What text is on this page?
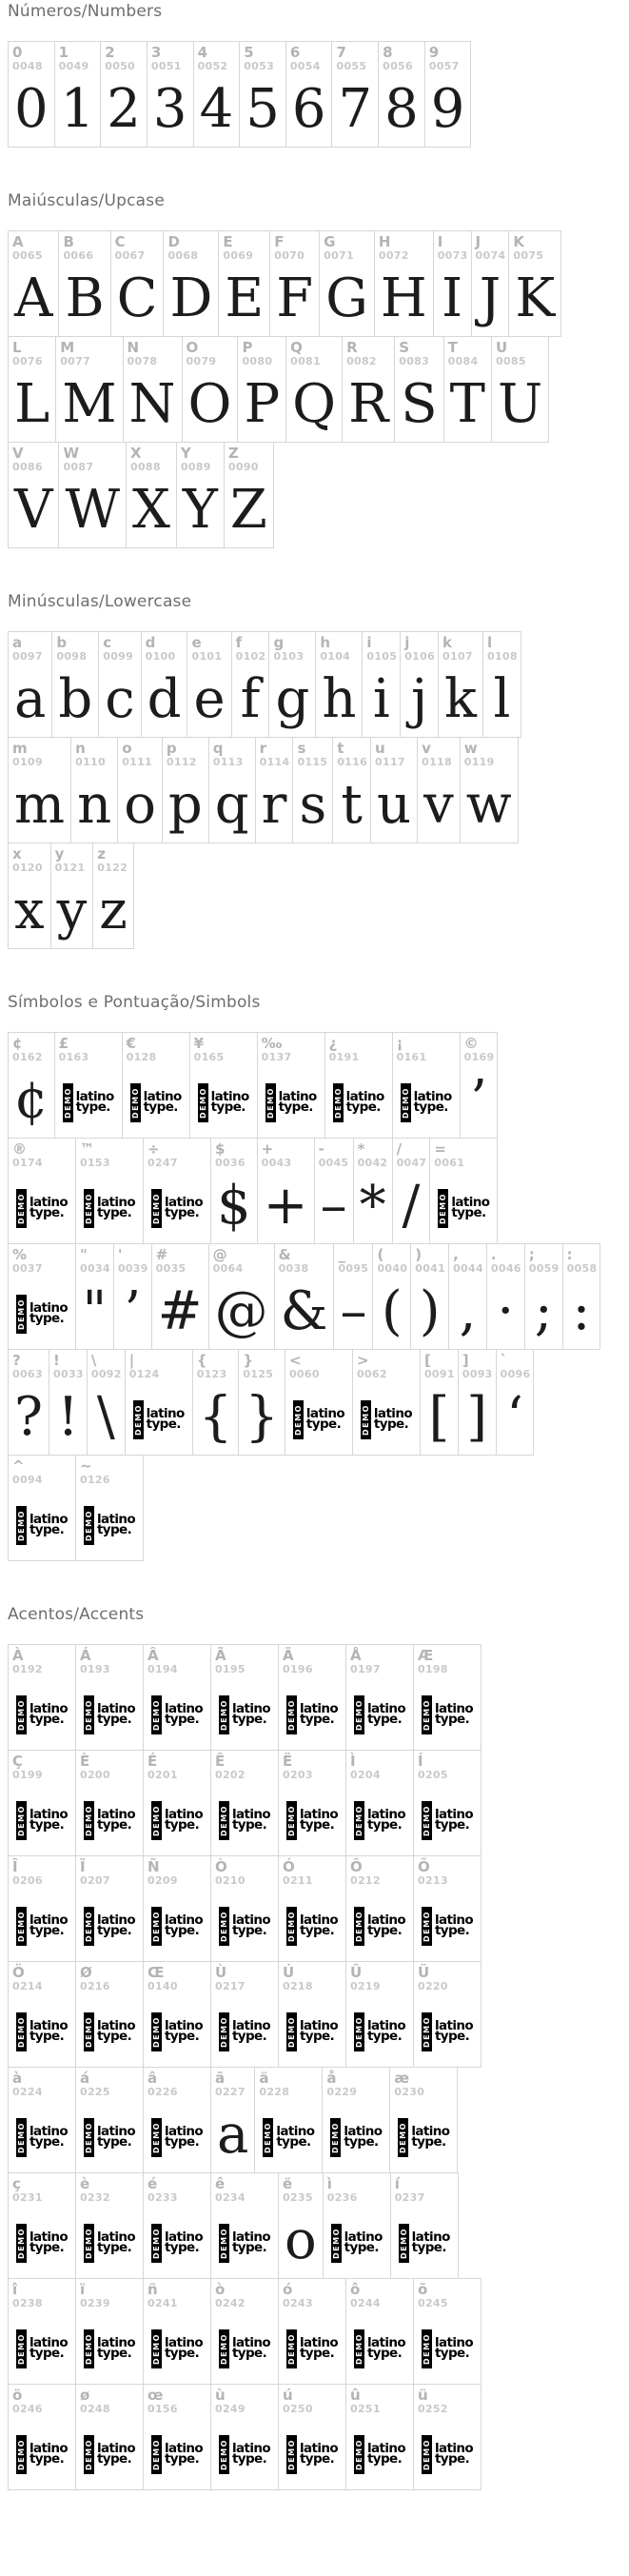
Números/Numbers
0
0048
0
1
0049
1
2
0050
2
3
0051
3
4
0052
4
5
0053
5
6
0054
6
7
0055
7
8
0056
8
9
0057
9
Maiúsculas/Upcase
A
0065
A
B
0066
B
C
0067
C
D
0068
D
E
0069
E
F
0070
F
G
0071
G
H
0072
H
I
0073
I
J
0074
J
K
0075
K
L
0076
L
M
0077
M
N
0078
N
O
0079
O
P
0080
P
Q
0081
Q
R
0082
R
S
0083
S
T
0084
T
U
0085
U
V
0086
V
W
0087
W
X
0088
X
Y
0089
Y
Z
0090
Z
Minúsculas/Lowercase
a
0097
a
b
0098
b
c
0099
c
d
0100
d
e
0101
e
f
0102
f
g
0103
g
h
0104
h
i
0105
i
j
0106
j
k
0107
k
l
0108
l
m
0109
m
n
0110
n
o
0111
o
p
0112
p
q
0113
q
r
0114
r
s
0115
s
t
0116
t
u
0117
u
v
0118
v
w
0119
w
x
0120
x
y
0121
y
z
0122
z
Símbolos e Pontuação/Simbols
¢
0162
¢
£
0163
DEMO latino
type.
€
0128
DEMO latino
type.
¥
0165
DEMO latino
type.
‰
0137
DEMO latino
type.
¿
0191
DEMO latino
type.
¡
0161
DEMO latino
type.
©
0169
’
®
0174
DEMO latino
type.
™
0153
DEMO latino
type.
÷
0247
DEMO latino
type.
$
0036
$
+
0043
+
-
0045
–
*
0042
*
/
0047
/
=
0061
DEMO latino
type.
%
0037
DEMO latino
type.
"
0034
"
'
0039
’
#
0035
#
@
0064
@
&
0038
&
_
0095
–
(
0040
(
)
0041
)
,
0044
,
.
0046
·
;
0059
;
:
0058
:
?
0063
?
!
0033
!
\
0092
\
|
0124
DEMO latino
type.
{
0123
{
}
0125
}
<
0060
DEMO latino
type.
>
0062
DEMO latino
type.
[
0091
[
]
0093
]
`
0096
‘
^
0094
DEMO latino
type.
~
0126
DEMO latino
type.
Acentos/Accents
À
0192
DEMO latino
type.
Á
0193
DEMO latino
type.
Â
0194
DEMO latino
type.
Ã
0195
DEMO latino
type.
Ä
0196
DEMO latino
type.
Å
0197
DEMO latino
type.
Æ
0198
DEMO latino
type.
Ç
0199
DEMO latino
type.
È
0200
DEMO latino
type.
É
0201
DEMO latino
type.
Ê
0202
DEMO latino
type.
Ë
0203
DEMO latino
type.
Ì
0204
DEMO latino
type.
Í
0205
DEMO latino
type.
Î
0206
DEMO latino
type.
Ï
0207
DEMO latino
type.
Ñ
0209
DEMO latino
type.
Ò
0210
DEMO latino
type.
Ó
0211
DEMO latino
type.
Ô
0212
DEMO latino
type.
Õ
0213
DEMO latino
type.
Ö
0214
DEMO latino
type.
Ø
0216
DEMO latino
type.
Œ
0140
DEMO latino
type.
Ù
0217
DEMO latino
type.
Ú
0218
DEMO latino
type.
Û
0219
DEMO latino
type.
Ü
0220
DEMO latino
type.
à
0224
DEMO latino
type.
á
0225
DEMO latino
type.
â
0226
DEMO latino
type.
ã
0227
a
ä
0228
DEMO latino
type.
å
0229
DEMO latino
type.
æ
0230
DEMO latino
type.
ç
0231
DEMO latino
type.
è
0232
DEMO latino
type.
é
0233
DEMO latino
type.
ê
0234
DEMO latino
type.
ë
0235
o
ì
0236
DEMO latino
type.
í
0237
DEMO latino
type.
î
0238
DEMO latino
type.
ï
0239
DEMO latino
type.
ñ
0241
DEMO latino
type.
ò
0242
DEMO latino
type.
ó
0243
DEMO latino
type.
ô
0244
DEMO latino
type.
õ
0245
DEMO latino
type.
ö
0246
DEMO latino
type.
ø
0248
DEMO latino
type.
œ
0156
DEMO latino
type.
ù
0249
DEMO latino
type.
ú
0250
DEMO latino
type.
û
0251
DEMO latino
type.
ü
0252
DEMO latino
type.
